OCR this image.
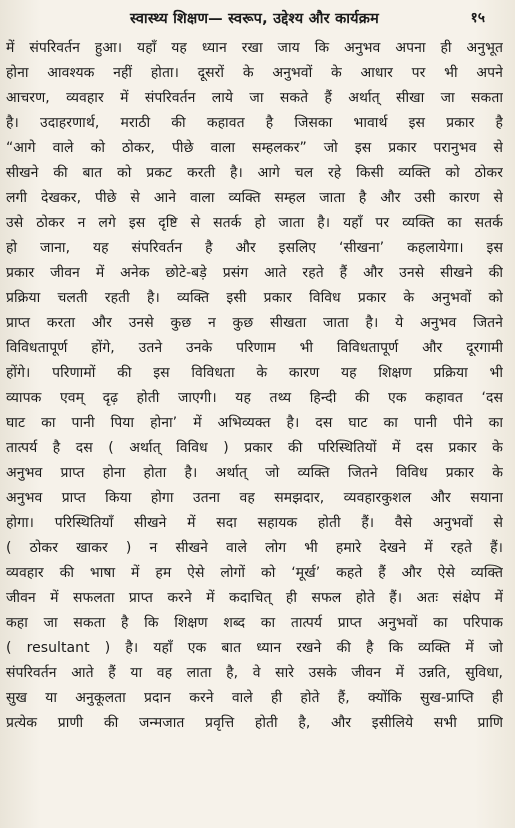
स्वास्थ्य शिक्षण— स्वरूप, उद्देश्य और कार्यक्रम	१५
में संपरिवर्तन हुआ। यहाँ यह ध्यान रखा जाय कि अनुभव अपना ही अनुभूत
होना आवश्यक नहीं होता। दूसरों के अनुभवों के आधार पर भी अपने
आचरण, व्यवहार में संपरिवर्तन लाये जा सकते हैं अर्थात् सीखा जा सकता
है। उदाहरणार्थ, मराठी की कहावत है जिसका भावार्थ इस प्रकार है
“आगे वाले को ठोकर, पीछे वाला सम्हलकर” जो इस प्रकार परानुभव से
सीखने की बात को प्रकट करती है। आगे चल रहे किसी व्यक्ति को ठोकर
लगी देखकर, पीछे से आने वाला व्यक्ति सम्हल जाता है और उसी कारण से
उसे ठोकर न लगे इस दृष्टि से सतर्क हो जाता है। यहाँ पर व्यक्ति का सतर्क
हो जाना, यह संपरिवर्तन है और इसलिए ‘सीखना’ कहलायेगा। इस
प्रकार जीवन में अनेक छोटे-बड़े प्रसंग आते रहते हैं और उनसे सीखने की
प्रक्रिया चलती रहती है। व्यक्ति इसी प्रकार विविध प्रकार के अनुभवों को
प्राप्त करता और उनसे कुछ न कुछ सीखता जाता है। ये अनुभव जितने
विविधतापूर्ण होंगे, उतने उनके परिणाम भी विविधतापूर्ण और दूरगामी
होंगे। परिणामों की इस विविधता के कारण यह शिक्षण प्रक्रिया भी
व्यापक एवम् दृढ़ होती जाएगी। यह तथ्य हिन्दी की एक कहावत ‘दस
घाट का पानी पिया होना’ में अभिव्यक्त है। दस घाट का पानी पीने का
तात्पर्य है दस ( अर्थात् विविध ) प्रकार की परिस्थितियों में दस प्रकार के
अनुभव प्राप्त होना होता है। अर्थात् जो व्यक्ति जितने विविध प्रकार के
अनुभव प्राप्त किया होगा उतना वह समझदार, व्यवहारकुशल और सयाना
होगा। परिस्थितियाँ सीखने में सदा सहायक होती हैं। वैसे अनुभवों से
( ठोकर खाकर ) न सीखने वाले लोग भी हमारे देखने में रहते हैं।
व्यवहार की भाषा में हम ऐसे लोगों को ‘मूर्ख’ कहते हैं और ऐसे व्यक्ति
जीवन में सफलता प्राप्त करने में कदाचित् ही सफल होते हैं। अतः संक्षेप में
कहा जा सकता है कि शिक्षण शब्द का तात्पर्य प्राप्त अनुभवों का परिपाक
( resultant ) है। यहाँ एक बात ध्यान रखने की है कि व्यक्ति में जो
संपरिवर्तन आते हैं या वह लाता है, वे सारे उसके जीवन में उन्नति, सुविधा,
सुख या अनुकूलता प्रदान करने वाले ही होते हैं, क्योंकि सुख-प्राप्ति ही
प्रत्येक प्राणी की जन्मजात प्रवृत्ति होती है, और इसीलिये सभी प्राणि
